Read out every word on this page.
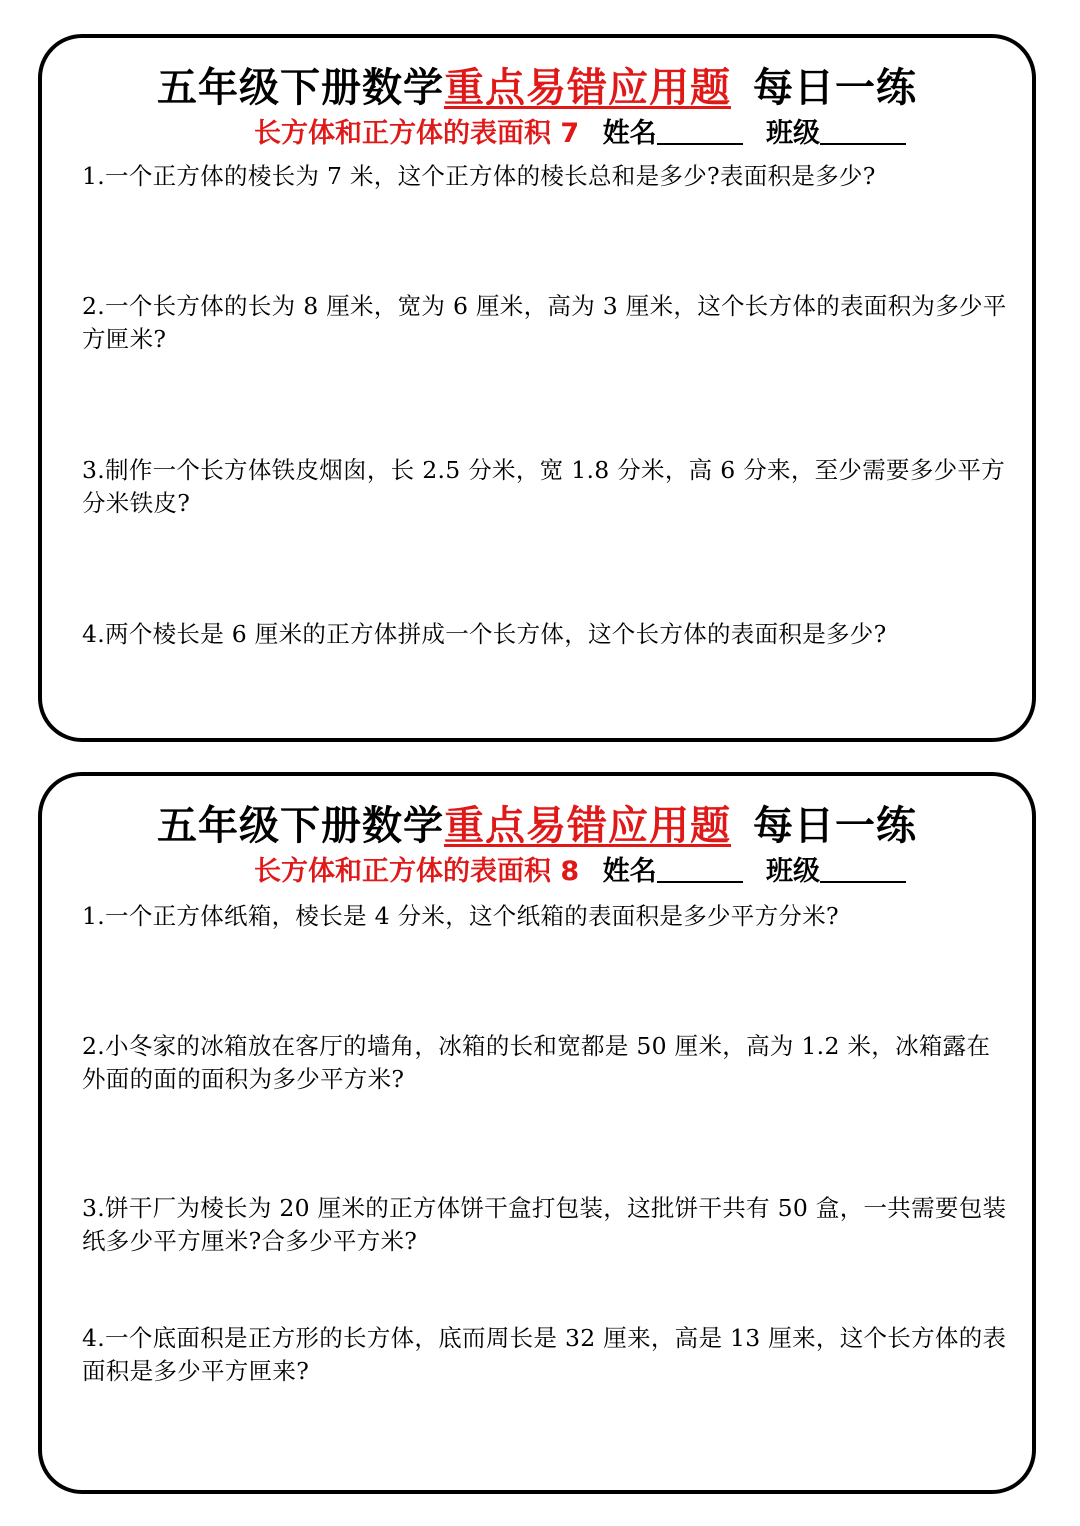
五年级下册数学重点易错应用题 每日一练
长方体和正方体的表面积 7 姓名	班级
1.一个正方体的棱长为 7 米，这个正方体的棱长总和是多少?表面积是多少?
2.一个长方体的长为 8 厘米，宽为 6 厘米，高为 3 厘米，这个长方体的表面积为多少平方匣米?
3.制作一个长方体铁皮烟囱，长 2.5 分米，宽 1.8 分米，高 6 分来，至少需要多少平方分米铁皮?
4.两个棱长是 6 厘米的正方体拼成一个长方体，这个长方体的表面积是多少?
五年级下册数学重点易错应用题 每日一练
长方体和正方体的表面积 8 姓名	班级
1.一个正方体纸箱，棱长是 4 分米，这个纸箱的表面积是多少平方分米?
2.小冬家的冰箱放在客厅的墙角，冰箱的长和宽都是 50 厘米，高为 1.2 米，冰箱露在外面的面的面积为多少平方米?
3.饼干厂为棱长为 20 厘米的正方体饼干盒打包装，这批饼干共有 50 盒，一共需要包装纸多少平方厘米?合多少平方米?
4.一个底面积是正方形的长方体，底而周长是 32 厘来，高是 13 厘来，这个长方体的表面积是多少平方匣来?
